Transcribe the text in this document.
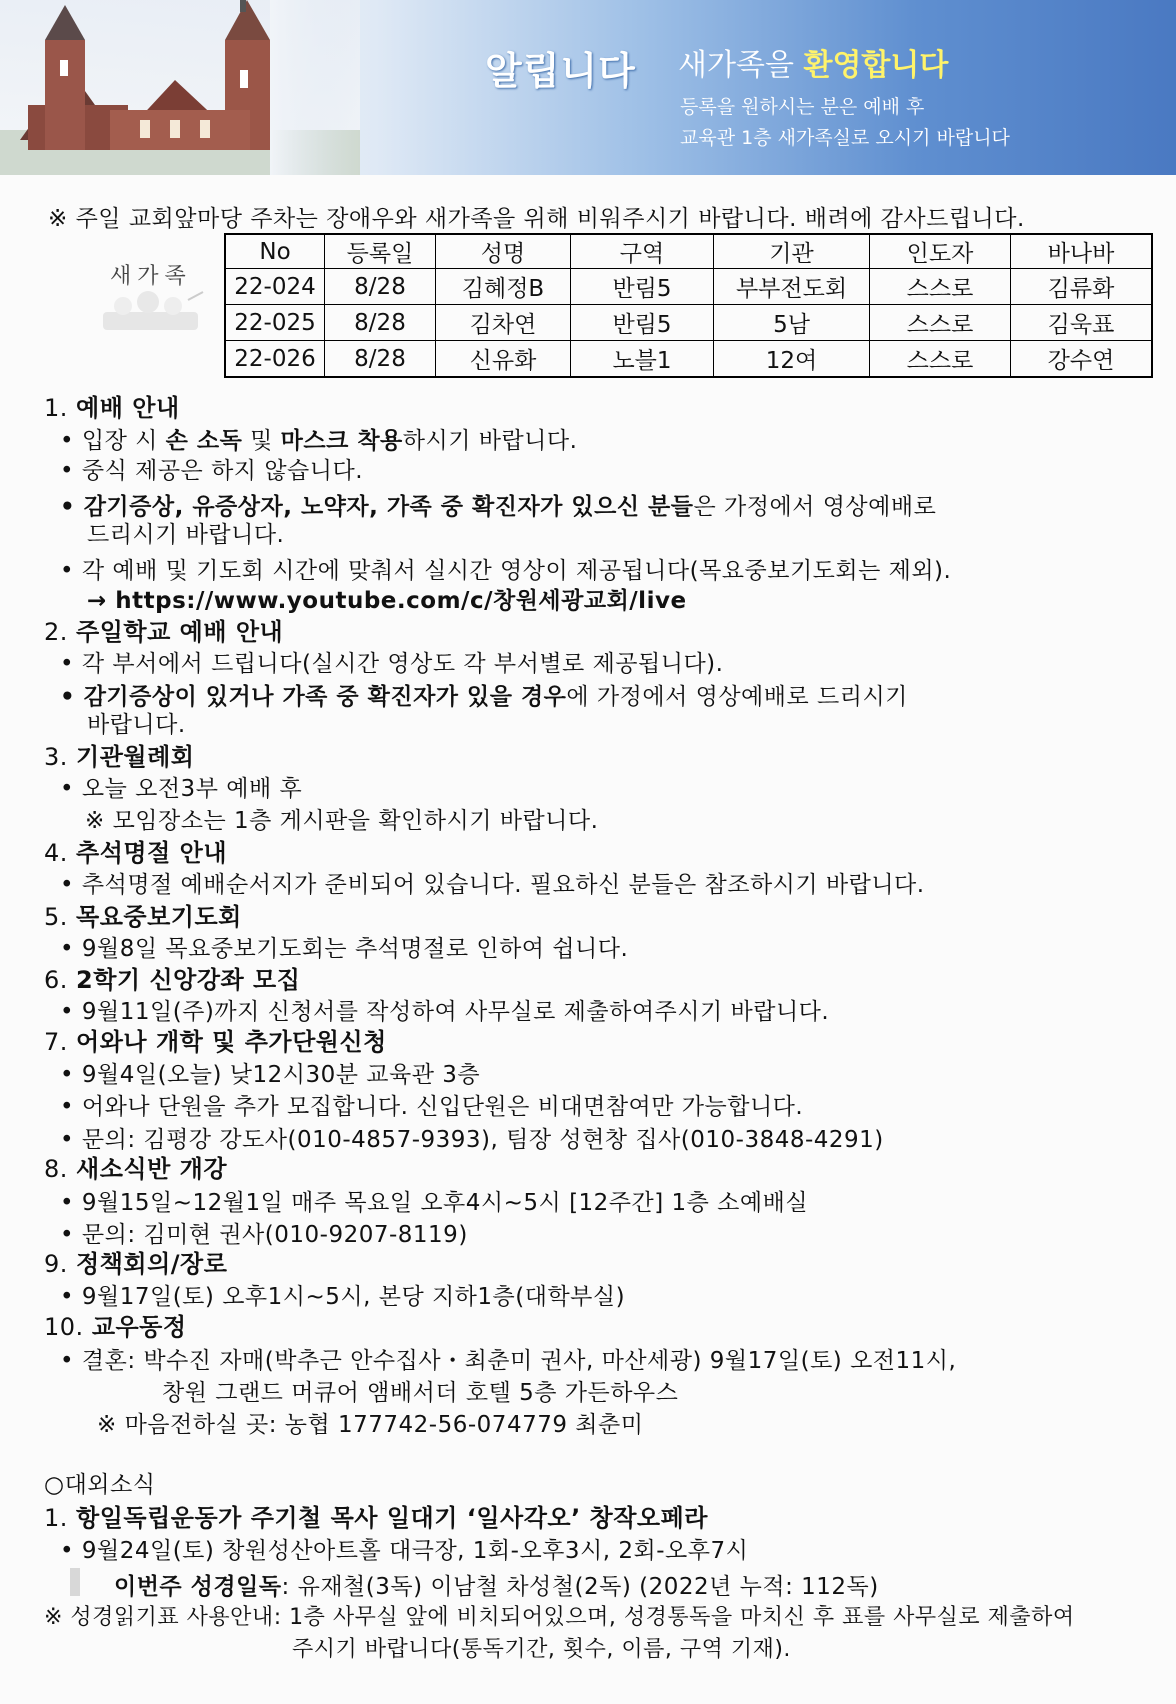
알립니다 새가족을 환영합니다
등록을 원하시는 분은 예배 후
교육관 1층 새가족실로 오시기 바랍니다
※ 주일 교회앞마당 주차는 장애우와 새가족을 위해 비워주시기 바랍니다. 배려에 감사드립니다.
새가족
No	등록일	성명	구역	기관	인도자	바나바
22-024	8/28	김혜정B	반림5	부부전도회	스스로	김류화
22-025	8/28	김차연	반림5	5남	스스로	김욱표
22-026	8/28	신유화	노블1	12여	스스로	강수연
1. 예배 안내
• 입장 시 손 소독 및 마스크 착용하시기 바랍니다.
• 중식 제공은 하지 않습니다.
• 감기증상, 유증상자, 노약자, 가족 중 확진자가 있으신 분들은 가정에서 영상예배로
드리시기 바랍니다.
• 각 예배 및 기도회 시간에 맞춰서 실시간 영상이 제공됩니다(목요중보기도회는 제외).
→ https://www.youtube.com/c/창원세광교회/live
2. 주일학교 예배 안내
• 각 부서에서 드립니다(실시간 영상도 각 부서별로 제공됩니다).
• 감기증상이 있거나 가족 중 확진자가 있을 경우에 가정에서 영상예배로 드리시기
바랍니다.
3. 기관월례회
• 오늘 오전3부 예배 후
※ 모임장소는 1층 게시판을 확인하시기 바랍니다.
4. 추석명절 안내
• 추석명절 예배순서지가 준비되어 있습니다. 필요하신 분들은 참조하시기 바랍니다.
5. 목요중보기도회
• 9월8일 목요중보기도회는 추석명절로 인하여 쉽니다.
6. 2학기 신앙강좌 모집
• 9월11일(주)까지 신청서를 작성하여 사무실로 제출하여주시기 바랍니다.
7. 어와나 개학 및 추가단원신청
• 9월4일(오늘) 낮12시30분 교육관 3층
• 어와나 단원을 추가 모집합니다. 신입단원은 비대면참여만 가능합니다.
• 문의: 김평강 강도사(010-4857-9393), 팀장 성현창 집사(010-3848-4291)
8. 새소식반 개강
• 9월15일~12월1일 매주 목요일 오후4시~5시 [12주간] 1층 소예배실
• 문의: 김미현 권사(010-9207-8119)
9. 정책회의/장로
• 9월17일(토) 오후1시~5시, 본당 지하1층(대학부실)
10. 교우동정
• 결혼: 박수진 자매(박추근 안수집사・최춘미 권사, 마산세광) 9월17일(토) 오전11시,
창원 그랜드 머큐어 앰배서더 호텔 5층 가든하우스
※ 마음전하실 곳: 농협 177742-56-074779 최춘미
○대외소식
1. 항일독립운동가 주기철 목사 일대기 ‘일사각오’ 창작오페라
• 9월24일(토) 창원성산아트홀 대극장, 1회-오후3시, 2회-오후7시
이번주 성경일독: 유재철(3독) 이남철 차성철(2독) (2022년 누적: 112독)
※ 성경읽기표 사용안내: 1층 사무실 앞에 비치되어있으며, 성경통독을 마치신 후 표를 사무실로 제출하여
주시기 바랍니다(통독기간, 횟수, 이름, 구역 기재).
